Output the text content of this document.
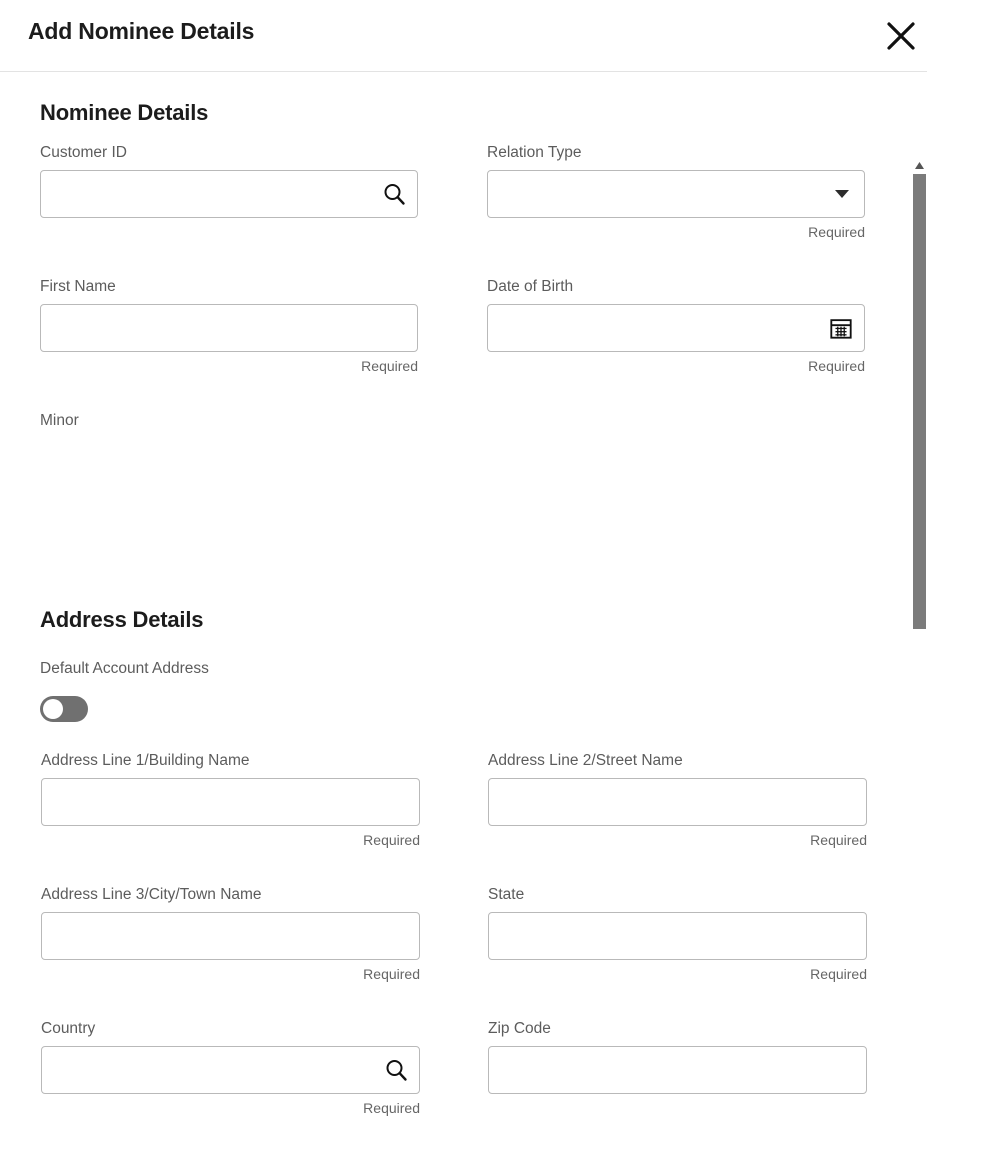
Add Nominee Details
Nominee Details
Customer ID	Relation Type
Required
First Name
Required
Date of Birth
Required
Minor
Address Details
Default Account Address
Address Line 1/Building Name
Required
Address Line 2/Street Name
Required
Address Line 3/City/Town Name
Required
State
Required
Country
Required
Zip Code
